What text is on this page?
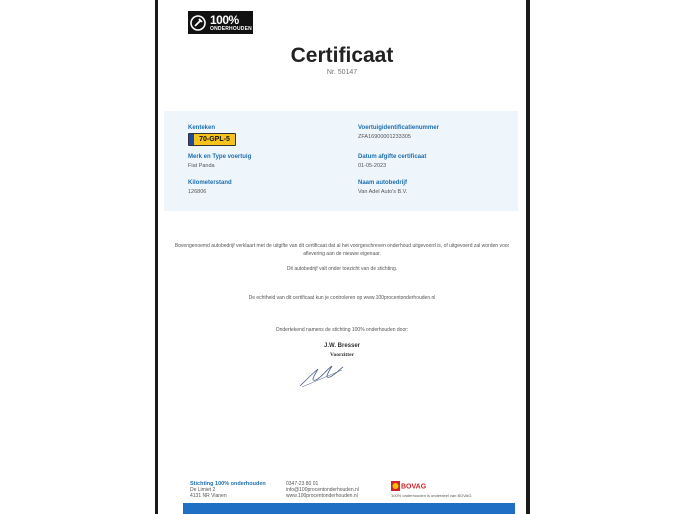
100%
ONDERHOUDEN
Certificaat
Nr. 50147
Kenteken
70-GPL-5
Voertuigidentificatienummer
ZFA16900001233305
Merk en Type voertuig
Fiat Panda
Datum afgifte certificaat
01-05-2023
Kilometerstand
126806
Naam autobedrijf
Van Adel Auto's B.V.
Bovengenoemd autobedrijf verklaart met de uitgifte van dit certificaat dat al het voorgeschreven onderhoud uitgevoerd is, of uitgevoerd zal worden voor
aflevering aan de nieuwe eigenaar.
Dit autobedrijf valt onder toezicht van de stichting.
De echtheid van dit certificaat kun je controleren op www.100procentonderhouden.nl
Ondertekend namens de stichting 100% onderhouden door:
J.W. Bresser
Voorzitter
Stichting 100% onderhouden
De Limiet 2
4131 NR Vianen
0347-23 80 01
info@100procentonderhouden.nl
www.100procentonderhouden.nl
BOVAG
100% onderhouden is onderdeel van BOVAG.
